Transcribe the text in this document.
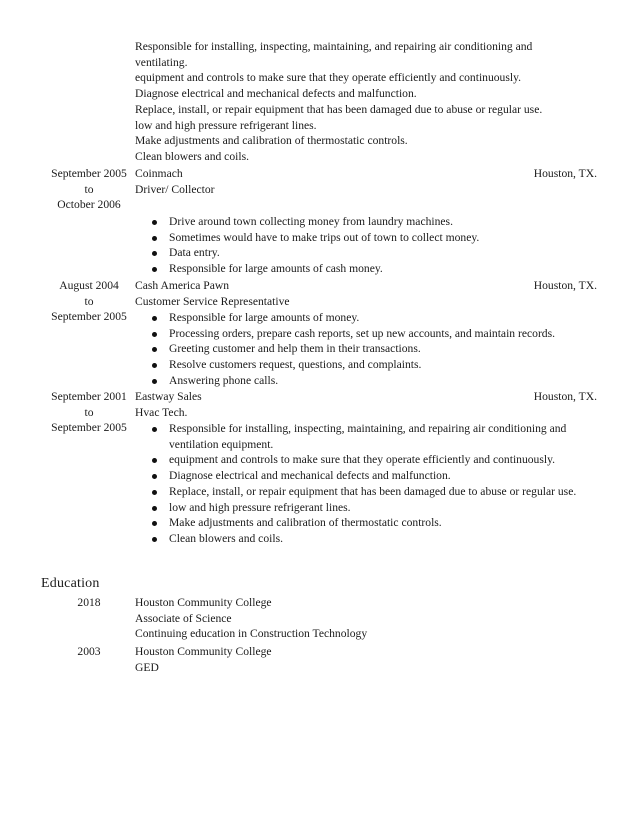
Responsible for installing, inspecting, maintaining, and repairing air conditioning and
ventilating.
equipment and controls to make sure that they operate efficiently and continuously.
Diagnose electrical and mechanical defects and malfunction.
Replace, install, or repair equipment that has been damaged due to abuse or regular use.
low and high pressure refrigerant lines.
Make adjustments and calibration of thermostatic controls.
Clean blowers and coils.
September 2005
to
October 2006
Coinmach	Houston, TX.
Driver/ Collector
Drive around town collecting money from laundry machines.
Sometimes would have to make trips out of town to collect money.
Data entry.
Responsible for large amounts of cash money.
August 2004
to
September 2005
Cash America Pawn	Houston, TX.
Customer Service Representative
Responsible for large amounts of money.
Processing orders, prepare cash reports, set up new accounts, and maintain records.
Greeting customer and help them in their transactions.
Resolve customers request, questions, and complaints.
Answering phone calls.
September 2001
to
September 2005
Eastway Sales	Houston, TX.
Hvac Tech.
Responsible for installing, inspecting, maintaining, and repairing air conditioning and ventilation equipment.
equipment and controls to make sure that they operate efficiently and continuously.
Diagnose electrical and mechanical defects and malfunction.
Replace, install, or repair equipment that has been damaged due to abuse or regular use.
low and high pressure refrigerant lines.
Make adjustments and calibration of thermostatic controls.
Clean blowers and coils.
Education
2018	Houston Community College
Associate of Science
Continuing education in Construction Technology
2003	Houston Community College
GED
